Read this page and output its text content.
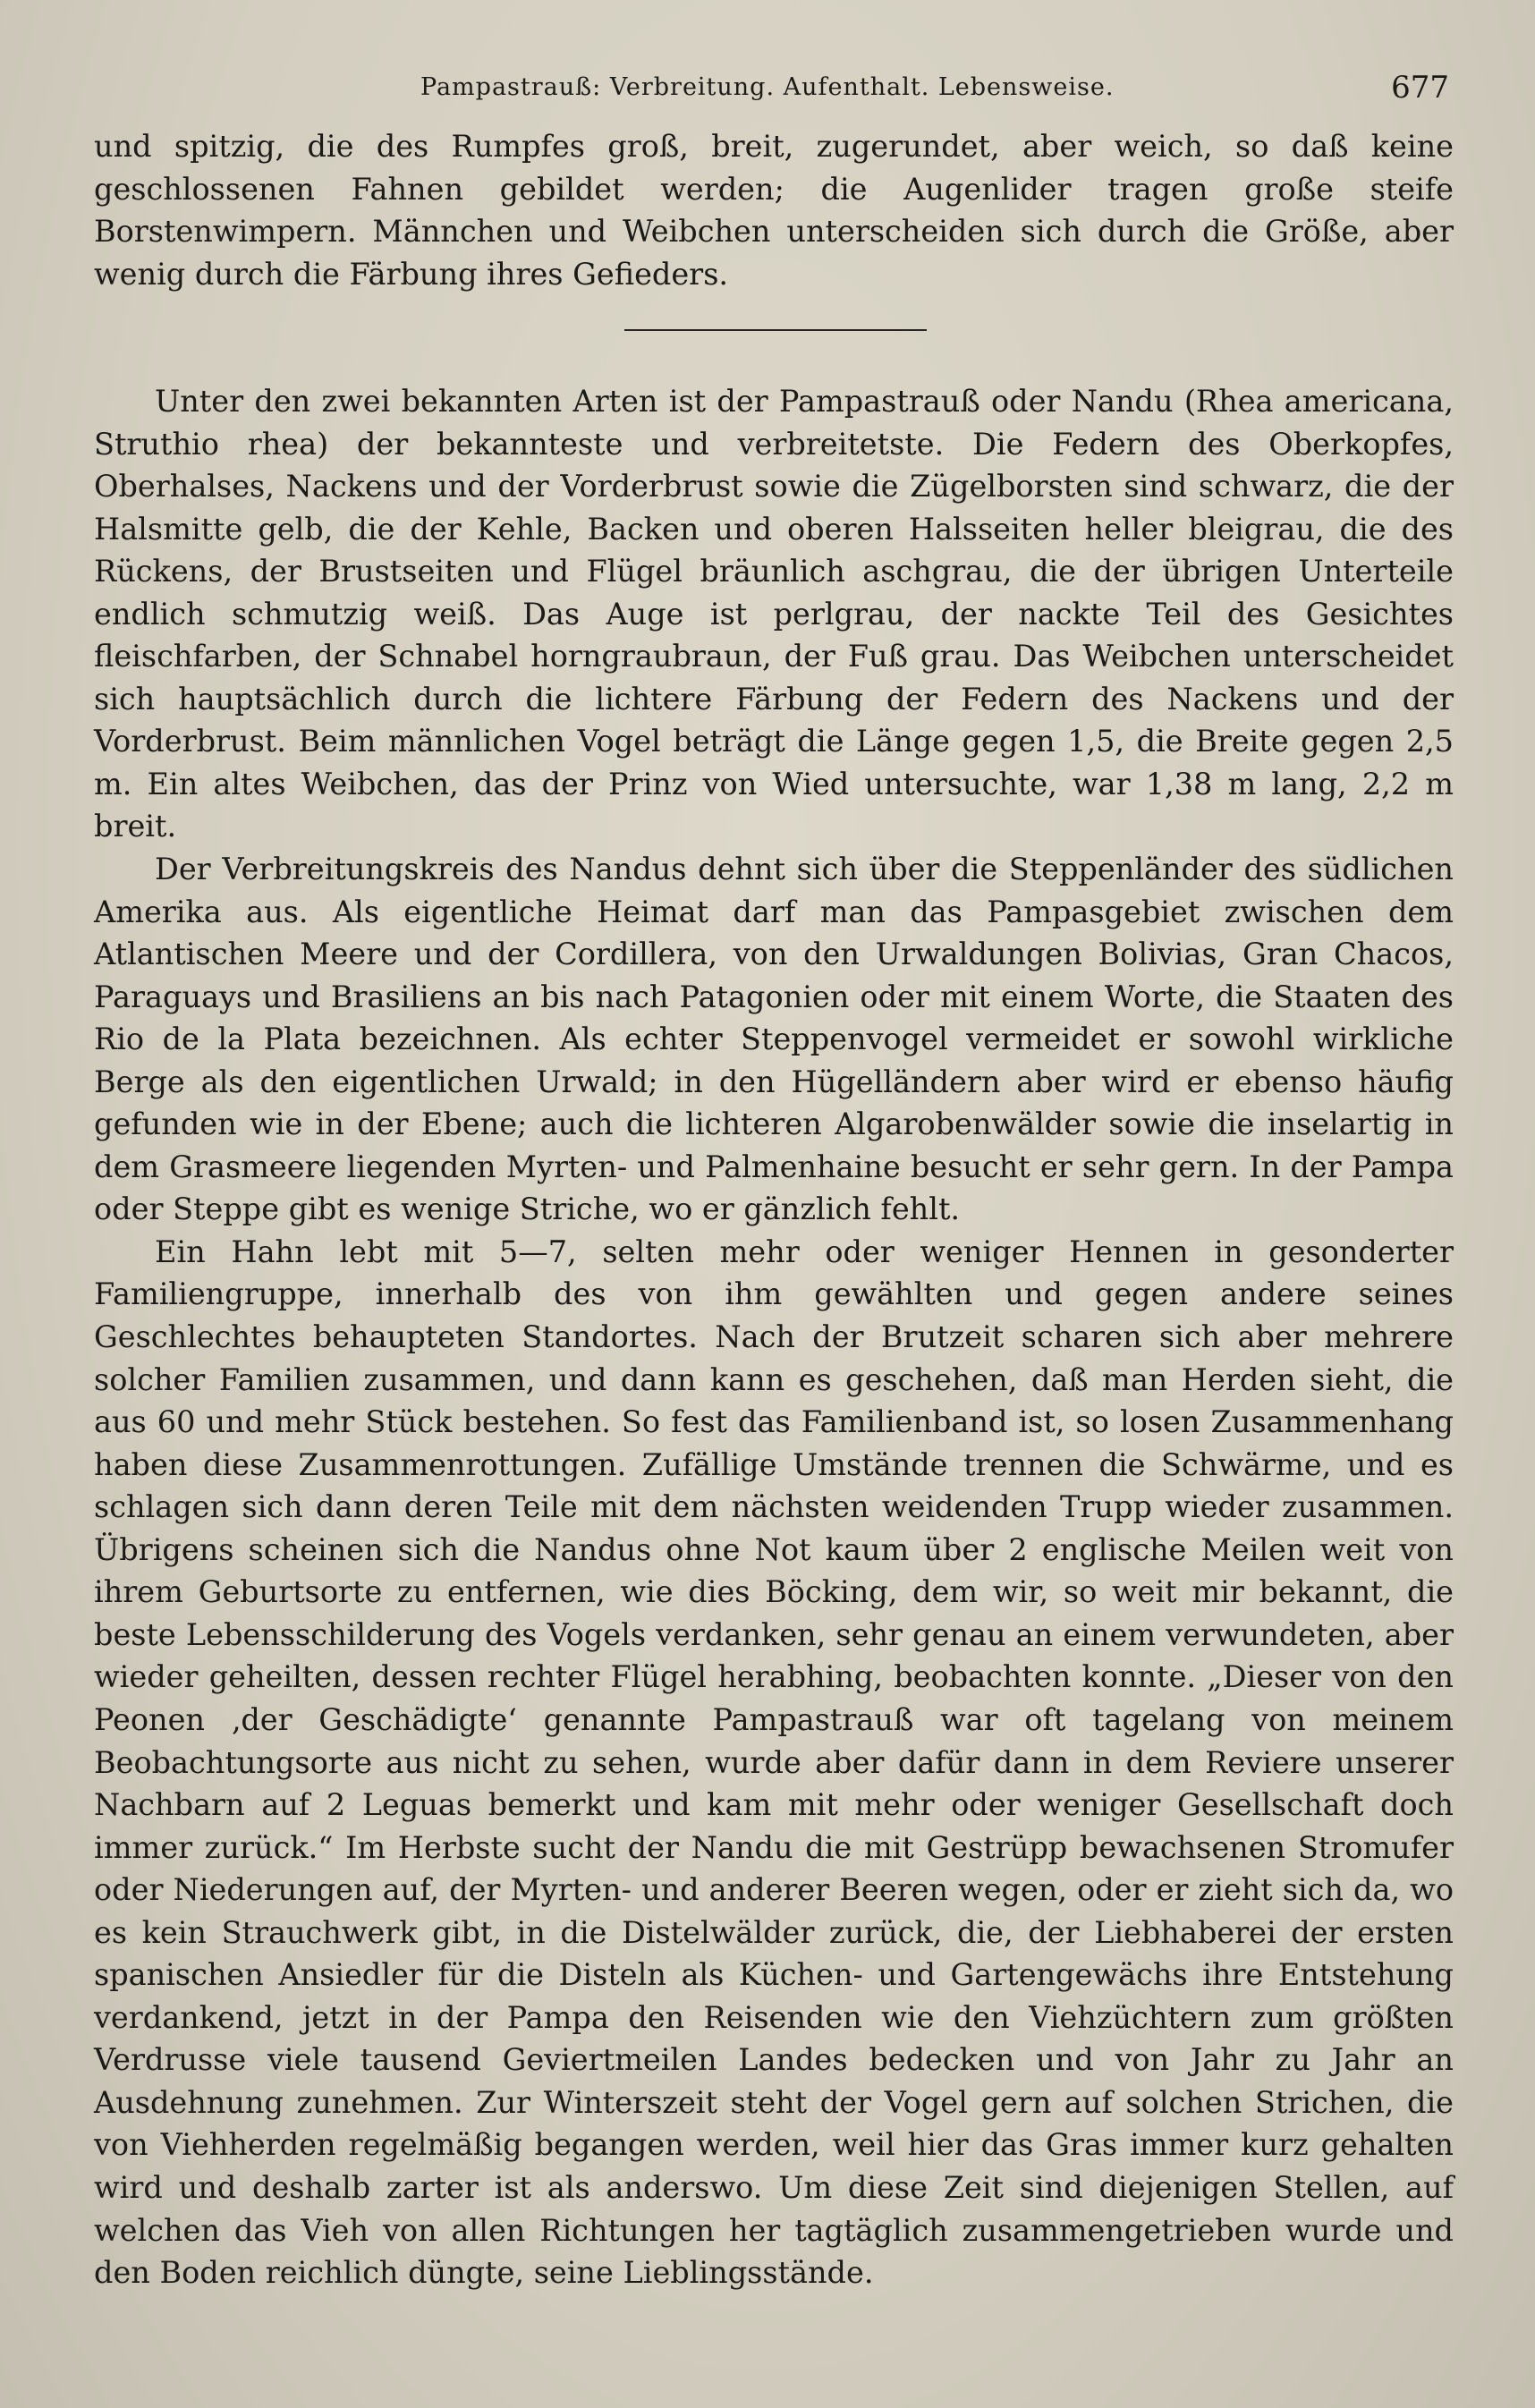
Pampastrauß: Verbreitung. Aufenthalt. Lebensweise.	677

und spitzig, die des Rumpfes groß, breit, zugerundet, aber weich, so daß keine geschlossenen Fahnen gebildet werden; die Augenlider tragen große steife Borstenwimpern. Männchen und Weibchen unterscheiden sich durch die Größe, aber wenig durch die Färbung ihres Gefieders.

Unter den zwei bekannten Arten ist der Pampastrauß oder Nandu (Rhea americana, Struthio rhea) der bekannteste und verbreitetste. Die Federn des Oberkopfes, Oberhalses, Nackens und der Vorderbrust sowie die Zügelborsten sind schwarz, die der Halsmitte gelb, die der Kehle, Backen und oberen Halsseiten heller bleigrau, die des Rückens, der Brustseiten und Flügel bräunlich aschgrau, die der übrigen Unterteile endlich schmutzig weiß. Das Auge ist perlgrau, der nackte Teil des Gesichtes fleischfarben, der Schnabel horngraubraun, der Fuß grau. Das Weibchen unterscheidet sich hauptsächlich durch die lichtere Färbung der Federn des Nackens und der Vorderbrust. Beim männlichen Vogel beträgt die Länge gegen 1,5, die Breite gegen 2,5 m. Ein altes Weibchen, das der Prinz von Wied untersuchte, war 1,38 m lang, 2,2 m breit.

Der Verbreitungskreis des Nandus dehnt sich über die Steppenländer des südlichen Amerika aus. Als eigentliche Heimat darf man das Pampasgebiet zwischen dem Atlantischen Meere und der Cordillera, von den Urwaldungen Bolivias, Gran Chacos, Paraguays und Brasiliens an bis nach Patagonien oder mit einem Worte, die Staaten des Rio de la Plata bezeichnen. Als echter Steppenvogel vermeidet er sowohl wirkliche Berge als den eigentlichen Urwald; in den Hügelländern aber wird er ebenso häufig gefunden wie in der Ebene; auch die lichteren Algarobenwälder sowie die inselartig in dem Grasmeere liegenden Myrten- und Palmenhaine besucht er sehr gern. In der Pampa oder Steppe gibt es wenige Striche, wo er gänzlich fehlt.

Ein Hahn lebt mit 5—7, selten mehr oder weniger Hennen in gesonderter Familiengruppe, innerhalb des von ihm gewählten und gegen andere seines Geschlechtes behaupteten Standortes. Nach der Brutzeit scharen sich aber mehrere solcher Familien zusammen, und dann kann es geschehen, daß man Herden sieht, die aus 60 und mehr Stück bestehen. So fest das Familienband ist, so losen Zusammenhang haben diese Zusammenrottungen. Zufällige Umstände trennen die Schwärme, und es schlagen sich dann deren Teile mit dem nächsten weidenden Trupp wieder zusammen. Übrigens scheinen sich die Nandus ohne Not kaum über 2 englische Meilen weit von ihrem Geburtsorte zu entfernen, wie dies Böcking, dem wir, so weit mir bekannt, die beste Lebensschilderung des Vogels verdanken, sehr genau an einem verwundeten, aber wieder geheilten, dessen rechter Flügel herabhing, beobachten konnte. „Dieser von den Peonen ‚der Geschädigte‘ genannte Pampastrauß war oft tagelang von meinem Beobachtungsorte aus nicht zu sehen, wurde aber dafür dann in dem Reviere unserer Nachbarn auf 2 Leguas bemerkt und kam mit mehr oder weniger Gesellschaft doch immer zurück.“ Im Herbste sucht der Nandu die mit Gestrüpp bewachsenen Stromufer oder Niederungen auf, der Myrten- und anderer Beeren wegen, oder er zieht sich da, wo es kein Strauchwerk gibt, in die Distelwälder zurück, die, der Liebhaberei der ersten spanischen Ansiedler für die Disteln als Küchen- und Gartengewächs ihre Entstehung verdankend, jetzt in der Pampa den Reisenden wie den Viehzüchtern zum größten Verdrusse viele tausend Geviertmeilen Landes bedecken und von Jahr zu Jahr an Ausdehnung zunehmen. Zur Winterszeit steht der Vogel gern auf solchen Strichen, die von Viehherden regelmäßig begangen werden, weil hier das Gras immer kurz gehalten wird und deshalb zarter ist als anderswo. Um diese Zeit sind diejenigen Stellen, auf welchen das Vieh von allen Richtungen her tagtäglich zusammengetrieben wurde und den Boden reichlich düngte, seine Lieblingsstände.
